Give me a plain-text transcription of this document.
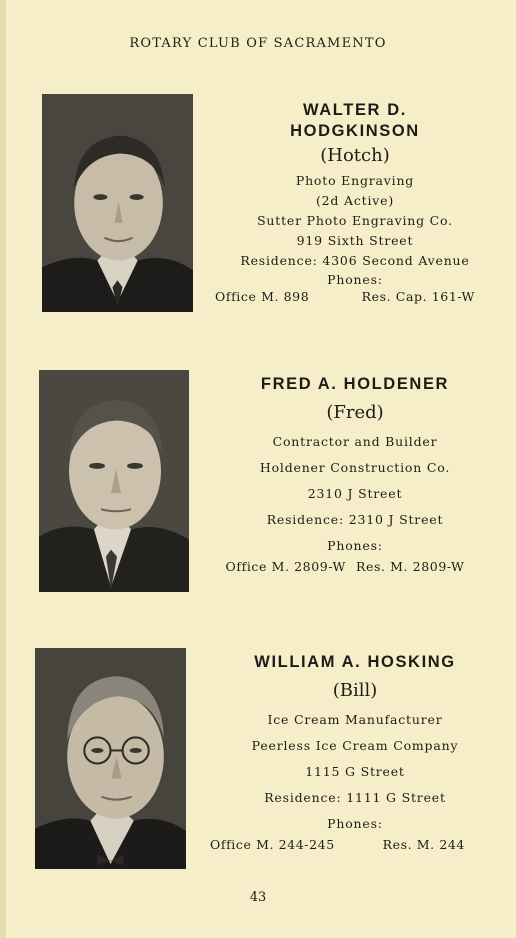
ROTARY CLUB OF SACRAMENTO
WALTER D.
HODGKINSON
(Hotch)
Photo Engraving
(2d Active)
Sutter Photo Engraving Co.
919 Sixth Street
Residence: 4306 Second Avenue
Phones:
Office M. 898	Res. Cap. 161-W
FRED A. HOLDENER
(Fred)
Contractor and Builder
Holdener Construction Co.
2310 J Street
Residence: 2310 J Street
Phones:
Office M. 2809-W Res. M. 2809-W
WILLIAM A. HOSKING
(Bill)
Ice Cream Manufacturer
Peerless Ice Cream Company
1115 G Street
Residence: 1111 G Street
Phones:
Office M. 244-245	Res. M. 244
43
